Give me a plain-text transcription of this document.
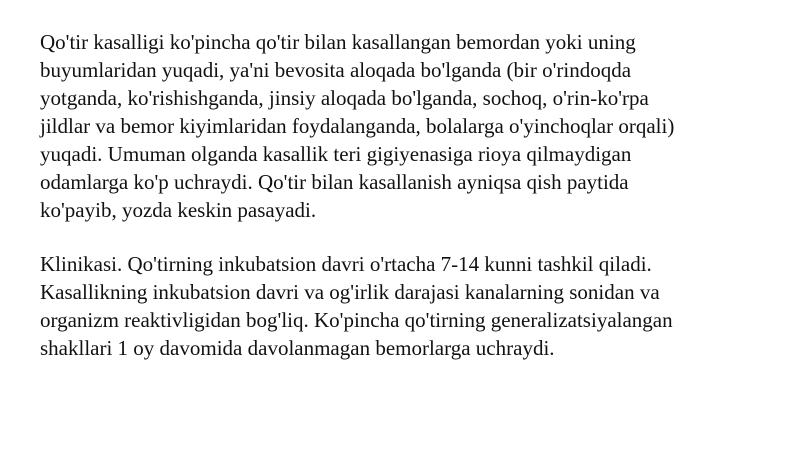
Qo'tir kasalligi ko'pincha qo'tir bilan kasallangan bemordan yoki uning
buyumlaridan yuqadi, ya'ni bevosita aloqada bo'lganda (bir o'rindoqda
yotganda, ko'rishishganda, jinsiy aloqada bo'lganda, sochoq, o'rin-ko'rpa
jildlar va bemor kiyimlaridan foydalanganda, bolalarga o'yinchoqlar orqali)
yuqadi. Umuman olganda kasallik teri gigiyenasiga rioya qilmaydigan
odamlarga ko'p uchraydi. Qo'tir bilan kasallanish ayniqsa qish paytida
ko'payib, yozda keskin pasayadi.

Klinikasi. Qo'tirning inkubatsion davri o'rtacha 7-14 kunni tashkil qiladi.
Kasallikning inkubatsion davri va og'irlik darajasi kanalarning sonidan va
organizm reaktivligidan bog'liq. Ko'pincha qo'tirning generalizatsiyalangan
shakllari 1 oy davomida davolanmagan bemorlarga uchraydi.
